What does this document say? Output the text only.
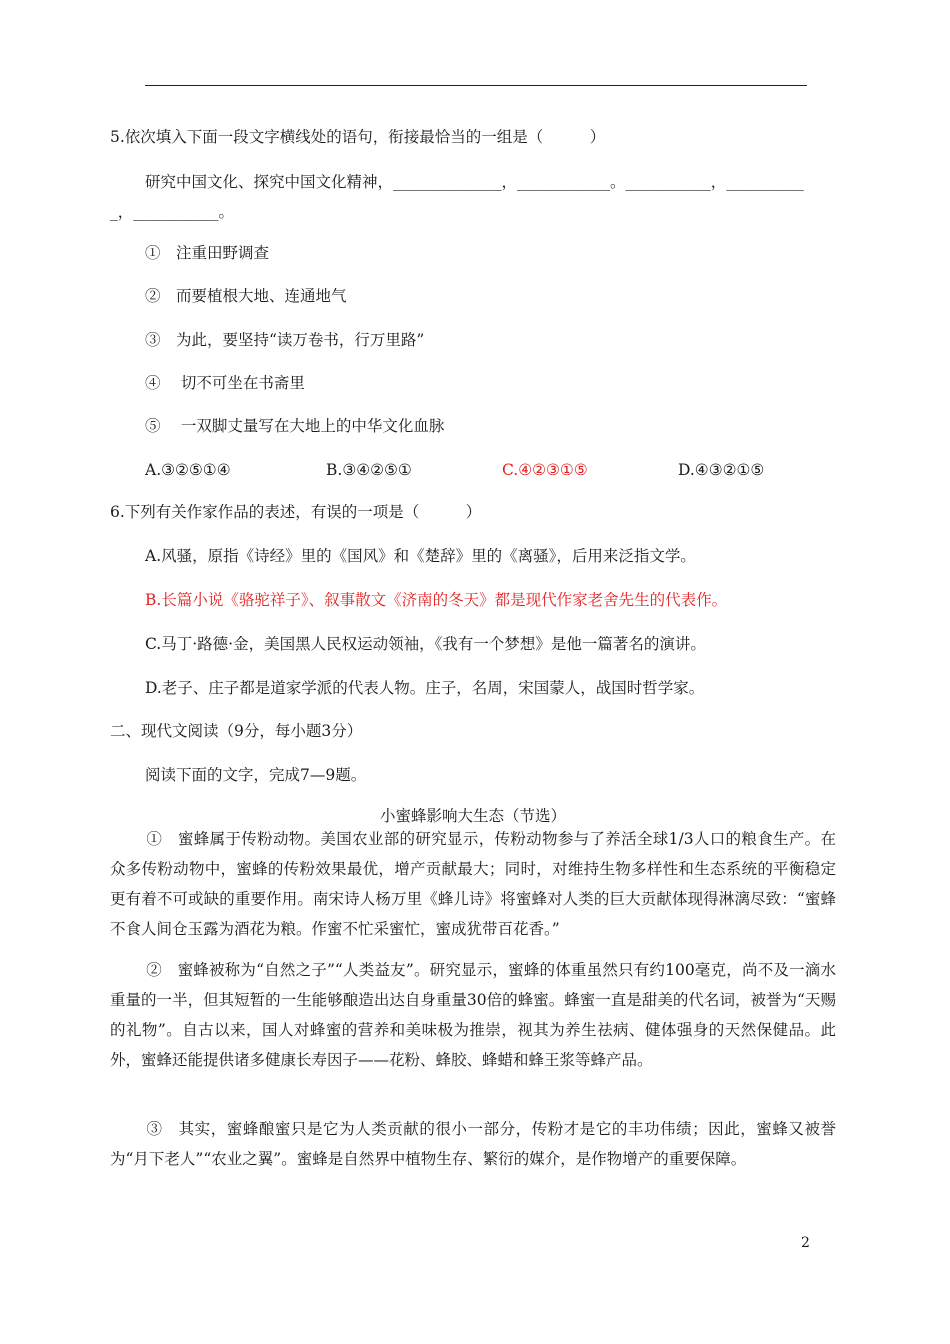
5.依次填入下面一段文字横线处的语句，衔接最恰当的一组是（　　　）
研究中国文化、探究中国文化精神，______________，____________。___________，__________
_，___________。
①　注重田野调查
②　而要植根大地、连通地气
③　为此，要坚持“读万卷书，行万里路”
④　 切不可坐在书斋里
⑤　 一双脚丈量写在大地上的中华文化血脉
A.③②⑤①④	B.③④②⑤①	C.④②③①⑤	D.④③②①⑤
6.下列有关作家作品的表述，有误的一项是（　　　）
A.风骚，原指《诗经》里的《国风》和《楚辞》里的《离骚》，后用来泛指文学。
B.长篇小说《骆驼祥子》、叙事散文《济南的冬天》都是现代作家老舍先生的代表作。
C.马丁·路德·金，美国黑人民权运动领袖，《我有一个梦想》是他一篇著名的演讲。
D.老子、庄子都是道家学派的代表人物。庄子，名周，宋国蒙人，战国时哲学家。
二、现代文阅读（9分，每小题3分）
阅读下面的文字，完成7—9题。
小蜜蜂影响大生态（节选）
①　蜜蜂属于传粉动物。美国农业部的研究显示，传粉动物参与了养活全球1/3人口的粮食生产。在众多传粉动物中，蜜蜂的传粉效果最优，增产贡献最大；同时，对维持生物多样性和生态系统的平衡稳定更有着不可或缺的重要作用。南宋诗人杨万里《蜂儿诗》将蜜蜂对人类的巨大贡献体现得淋漓尽致：“蜜蜂不食人间仓玉露为酒花为粮。作蜜不忙采蜜忙，蜜成犹带百花香。”
②　蜜蜂被称为“自然之子”“人类益友”。研究显示，蜜蜂的体重虽然只有约100毫克，尚不及一滴水重量的一半，但其短暂的一生能够酿造出达自身重量30倍的蜂蜜。蜂蜜一直是甜美的代名词，被誉为“天赐的礼物”。自古以来，国人对蜂蜜的营养和美味极为推崇，视其为养生祛病、健体强身的天然保健品。此外，蜜蜂还能提供诸多健康长寿因子——花粉、蜂胶、蜂蜡和蜂王浆等蜂产品。
③　其实，蜜蜂酿蜜只是它为人类贡献的很小一部分，传粉才是它的丰功伟绩；因此，蜜蜂又被誉为“月下老人”“农业之翼”。蜜蜂是自然界中植物生存、繁衍的媒介，是作物增产的重要保障。
2
